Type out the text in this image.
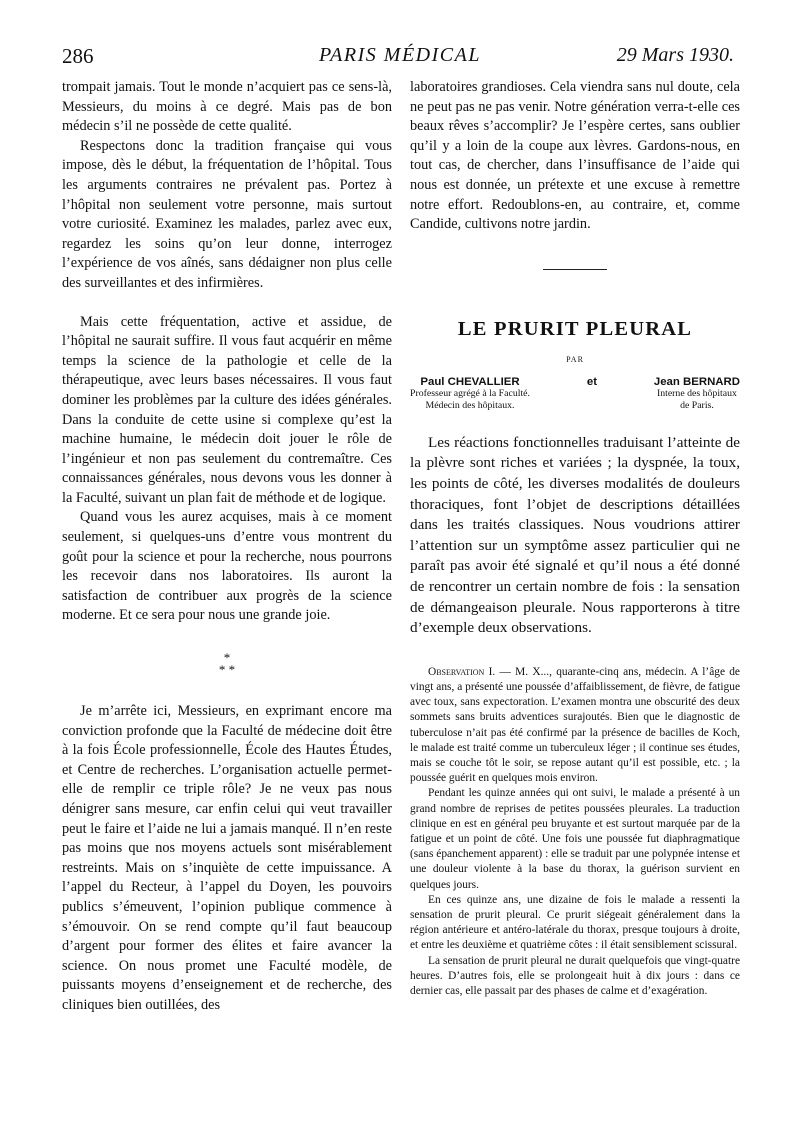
286	PARIS MÉDICAL	29 Mars 1930.

trompait jamais. Tout le monde n’acquiert pas ce sens-là, Messieurs, du moins à ce degré. Mais pas de bon médecin s’il ne possède de cette qualité.

Respectons donc la tradition française qui vous impose, dès le début, la fréquentation de l’hôpital. Tous les arguments contraires ne prévalent pas. Portez à l’hôpital non seulement votre personne, mais surtout votre curiosité. Examinez les malades, parlez avec eux, regardez les soins qu’on leur donne, interrogez l’expérience de vos aînés, sans dédaigner non plus celle des surveillantes et des infirmières.

Mais cette fréquentation, active et assidue, de l’hôpital ne saurait suffire. Il vous faut acquérir en même temps la science de la pathologie et celle de la thérapeutique, avec leurs bases nécessaires. Il vous faut dominer les problèmes par la culture des idées générales. Dans la conduite de cette usine si complexe qu’est la machine humaine, le médecin doit jouer le rôle de l’ingénieur et non pas seulement du contremaître. Ces connaissances générales, nous devons vous les donner à la Faculté, suivant un plan fait de méthode et de logique.

Quand vous les aurez acquises, mais à ce moment seulement, si quelques-uns d’entre vous montrent du goût pour la science et pour la recherche, nous pourrons les recevoir dans nos laboratoires. Ils auront la satisfaction de contribuer aux progrès de la science moderne. Et ce sera pour nous une grande joie.

*
* *

Je m’arrête ici, Messieurs, en exprimant encore ma conviction profonde que la Faculté de médecine doit être à la fois École professionnelle, École des Hautes Études, et Centre de recherches. L’organisation actuelle permet-elle de remplir ce triple rôle? Je ne veux pas nous dénigrer sans mesure, car enfin celui qui veut travailler peut le faire et l’aide ne lui a jamais manqué. Il n’en reste pas moins que nos moyens actuels sont misérablement restreints. Mais on s’inquiète de cette impuissance. A l’appel du Recteur, à l’appel du Doyen, les pouvoirs publics s’émeuvent, l’opinion publique commence à s’émouvoir. On se rend compte qu’il faut beaucoup d’argent pour former des élites et faire avancer la science. On nous promet une Faculté modèle, de puissants moyens d’enseignement et de recherche, des cliniques bien outillées, des

laboratoires grandioses. Cela viendra sans nul doute, cela ne peut pas ne pas venir. Notre génération verra-t-elle ces beaux rêves s’accomplir? Je l’espère certes, sans oublier qu’il y a loin de la coupe aux lèvres. Gardons-nous, en tout cas, de chercher, dans l’insuffisance de l’aide qui nous est donnée, un prétexte et une excuse à remettre notre effort. Redoublons-en, au contraire, et, comme Candide, cultivons notre jardin.

LE PRURIT PLEURAL
PAR
Paul CHEVALLIER
Professeur agrégé à la Faculté.
Médecin des hôpitaux.
et	Jean BERNARD
Interne des hôpitaux
de Paris.

Les réactions fonctionnelles traduisant l’atteinte de la plèvre sont riches et variées ; la dyspnée, la toux, les points de côté, les diverses modalités de douleurs thoraciques, font l’objet de descriptions détaillées dans les traités classiques. Nous voudrions attirer l’attention sur un symptôme assez particulier qui ne paraît pas avoir été signalé et qu’il nous a été donné de rencontrer un certain nombre de fois : la sensation de démangeaison pleurale. Nous rapporterons à titre d’exemple deux observations.

Observation I. — M. X..., quarante-cinq ans, médecin. A l’âge de vingt ans, a présenté une poussée d’affaiblissement, de fièvre, de fatigue avec toux, sans expectoration. L’examen montra une obscurité des deux sommets sans bruits adventices surajoutés. Bien que le diagnostic de tuberculose n’ait pas été confirmé par la présence de bacilles de Koch, le malade est traité comme un tuberculeux léger ; il continue ses études, mais se couche tôt le soir, se repose autant qu’il est possible, etc. ; la poussée guérit en quelques mois environ.

Pendant les quinze années qui ont suivi, le malade a présenté à un grand nombre de reprises de petites poussées pleurales. La traduction clinique en est en général peu bruyante et est surtout marquée par de la fatigue et un point de côté. Une fois une poussée fut diaphragmatique (sans épanchement apparent) : elle se traduit par une polypnée intense et une douleur violente à la base du thorax, la guérison survient en quelques jours.

En ces quinze ans, une dizaine de fois le malade a ressenti la sensation de prurit pleural. Ce prurit siégeait généralement dans la région antérieure et antéro-latérale du thorax, presque toujours à droite, et entre les deuxième et quatrième côtes : il était sensiblement scissural.

La sensation de prurit pleural ne durait quelquefois que vingt-quatre heures. D’autres fois, elle se prolongeait huit à dix jours : dans ce dernier cas, elle passait par des phases de calme et d’exagération.
